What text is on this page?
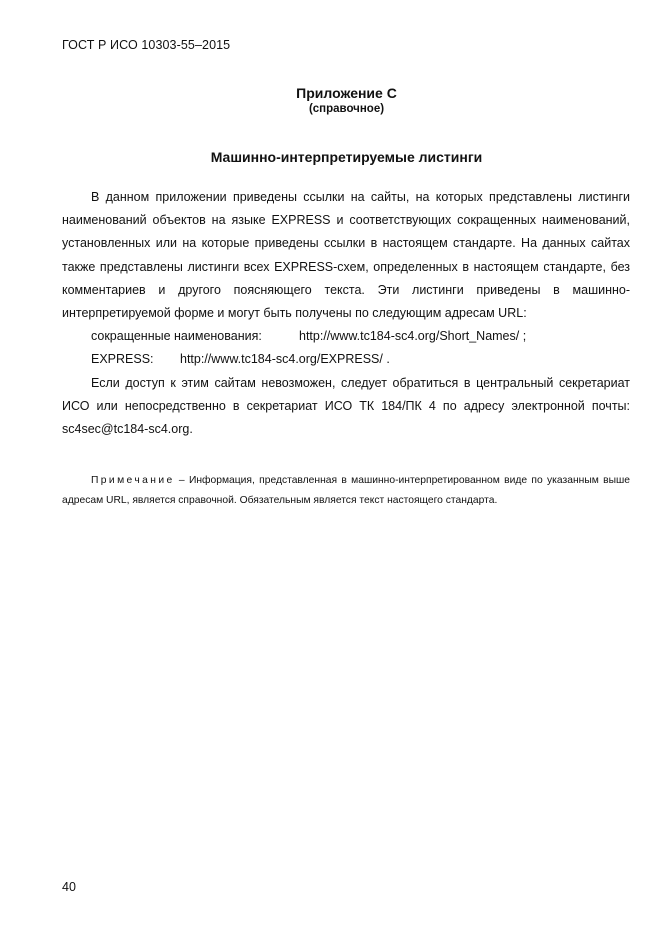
ГОСТ Р ИСО 10303-55–2015
Приложение С
(справочное)
Машинно-интерпретируемые листинги

В данном приложении приведены ссылки на сайты, на которых представлены листинги наименований объектов на языке EXPRESS и соответствующих сокращенных наименований, установленных или на которые приведены ссылки в настоящем стандарте. На данных сайтах также представлены листинги всех EXPRESS-схем, определенных в настоящем стандарте, без комментариев и другого поясняющего текста. Эти листинги приведены в машинно-интерпретируемой форме и могут быть получены по следующим адресам URL:

сокращенные наименования:	http://www.tc184-sc4.org/Short_Names/ ;

EXPRESS: http://www.tc184-sc4.org/EXPRESS/ .

Если доступ к этим сайтам невозможен, следует обратиться в центральный секретариат ИСО или непосредственно в секретариат ИСО ТК 184/ПК 4 по адресу электронной почты: sc4sec@tc184-sc4.org.

Примечание – Информация, представленная в машинно-интерпретированном виде по указанным выше адресам URL, является справочной. Обязательным является текст настоящего стандарта.
40
